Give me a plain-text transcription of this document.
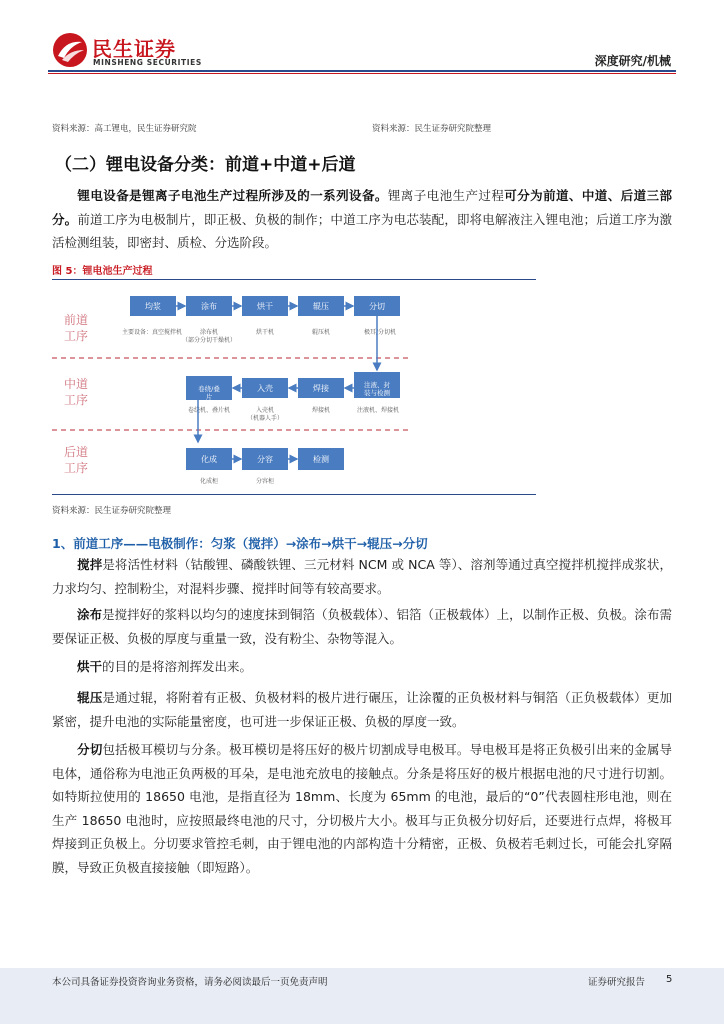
民生证券
MINSHENG SECURITIES	深度研究/机械
资料来源：高工锂电，民生证券研究院	资料来源：民生证券研究院整理
（二）锂电设备分类：前道+中道+后道
锂电设备是锂离子电池生产过程所涉及的一系列设备。锂离子电池生产过程可分为前道、中道、后道三部分。前道工序为电极制片，即正极、负极的制作；中道工序为电芯装配，即将电解液注入锂电池；后道工序为激活检测组装，即密封、质检、分选阶段。
图 5：锂电池生产过程
前道工序
中道工序
后道工序
均浆	涂布	烘干	辊压	分切
主要设备：真空搅拌机	涂布机（部分分切干燥机）
烘干机	辊压机	极耳/分切机
注液、封装与检测
焊接
入壳
卷绕/叠片
注液机、焊接机
焊接机
入壳机（机器人手）
卷绕机、叠片机
化成	分容	检测
化成柜	分容柜
资料来源：民生证券研究院整理
1、前道工序——电极制作：匀浆（搅拌）→涂布→烘干→辊压→分切
搅拌是将活性材料（钴酸锂、磷酸铁锂、三元材料 NCM 或 NCA 等）、溶剂等通过真空搅拌机搅拌成浆状，力求均匀、控制粉尘，对混料步骤、搅拌时间等有较高要求。
涂布是搅拌好的浆料以均匀的速度抹到铜箔（负极载体）、铝箔（正极载体）上，以制作正极、负极。涂布需要保证正极、负极的厚度与重量一致，没有粉尘、杂物等混入。
烘干的目的是将溶剂挥发出来。
辊压是通过辊，将附着有正极、负极材料的极片进行碾压，让涂覆的正负极材料与铜箔（正负极载体）更加紧密，提升电池的实际能量密度，也可进一步保证正极、负极的厚度一致。
分切包括极耳模切与分条。极耳模切是将压好的极片切割成导电极耳。导电极耳是将正负极引出来的金属导电体，通俗称为电池正负两极的耳朵，是电池充放电的接触点。分条是将压好的极片根据电池的尺寸进行切割。如特斯拉使用的 18650 电池，是指直径为 18mm、长度为 65mm 的电池，最后的“0”代表圆柱形电池，则在生产 18650 电池时，应按照最终电池的尺寸，分切极片大小。极耳与正负极分切好后，还要进行点焊，将极耳焊接到正负极上。分切要求管控毛刺，由于锂电池的内部构造十分精密，正极、负极若毛刺过长，可能会扎穿隔膜，导致正负极直接接触（即短路）。
本公司具备证券投资咨询业务资格，请务必阅读最后一页免责声明	证券研究报告 5
